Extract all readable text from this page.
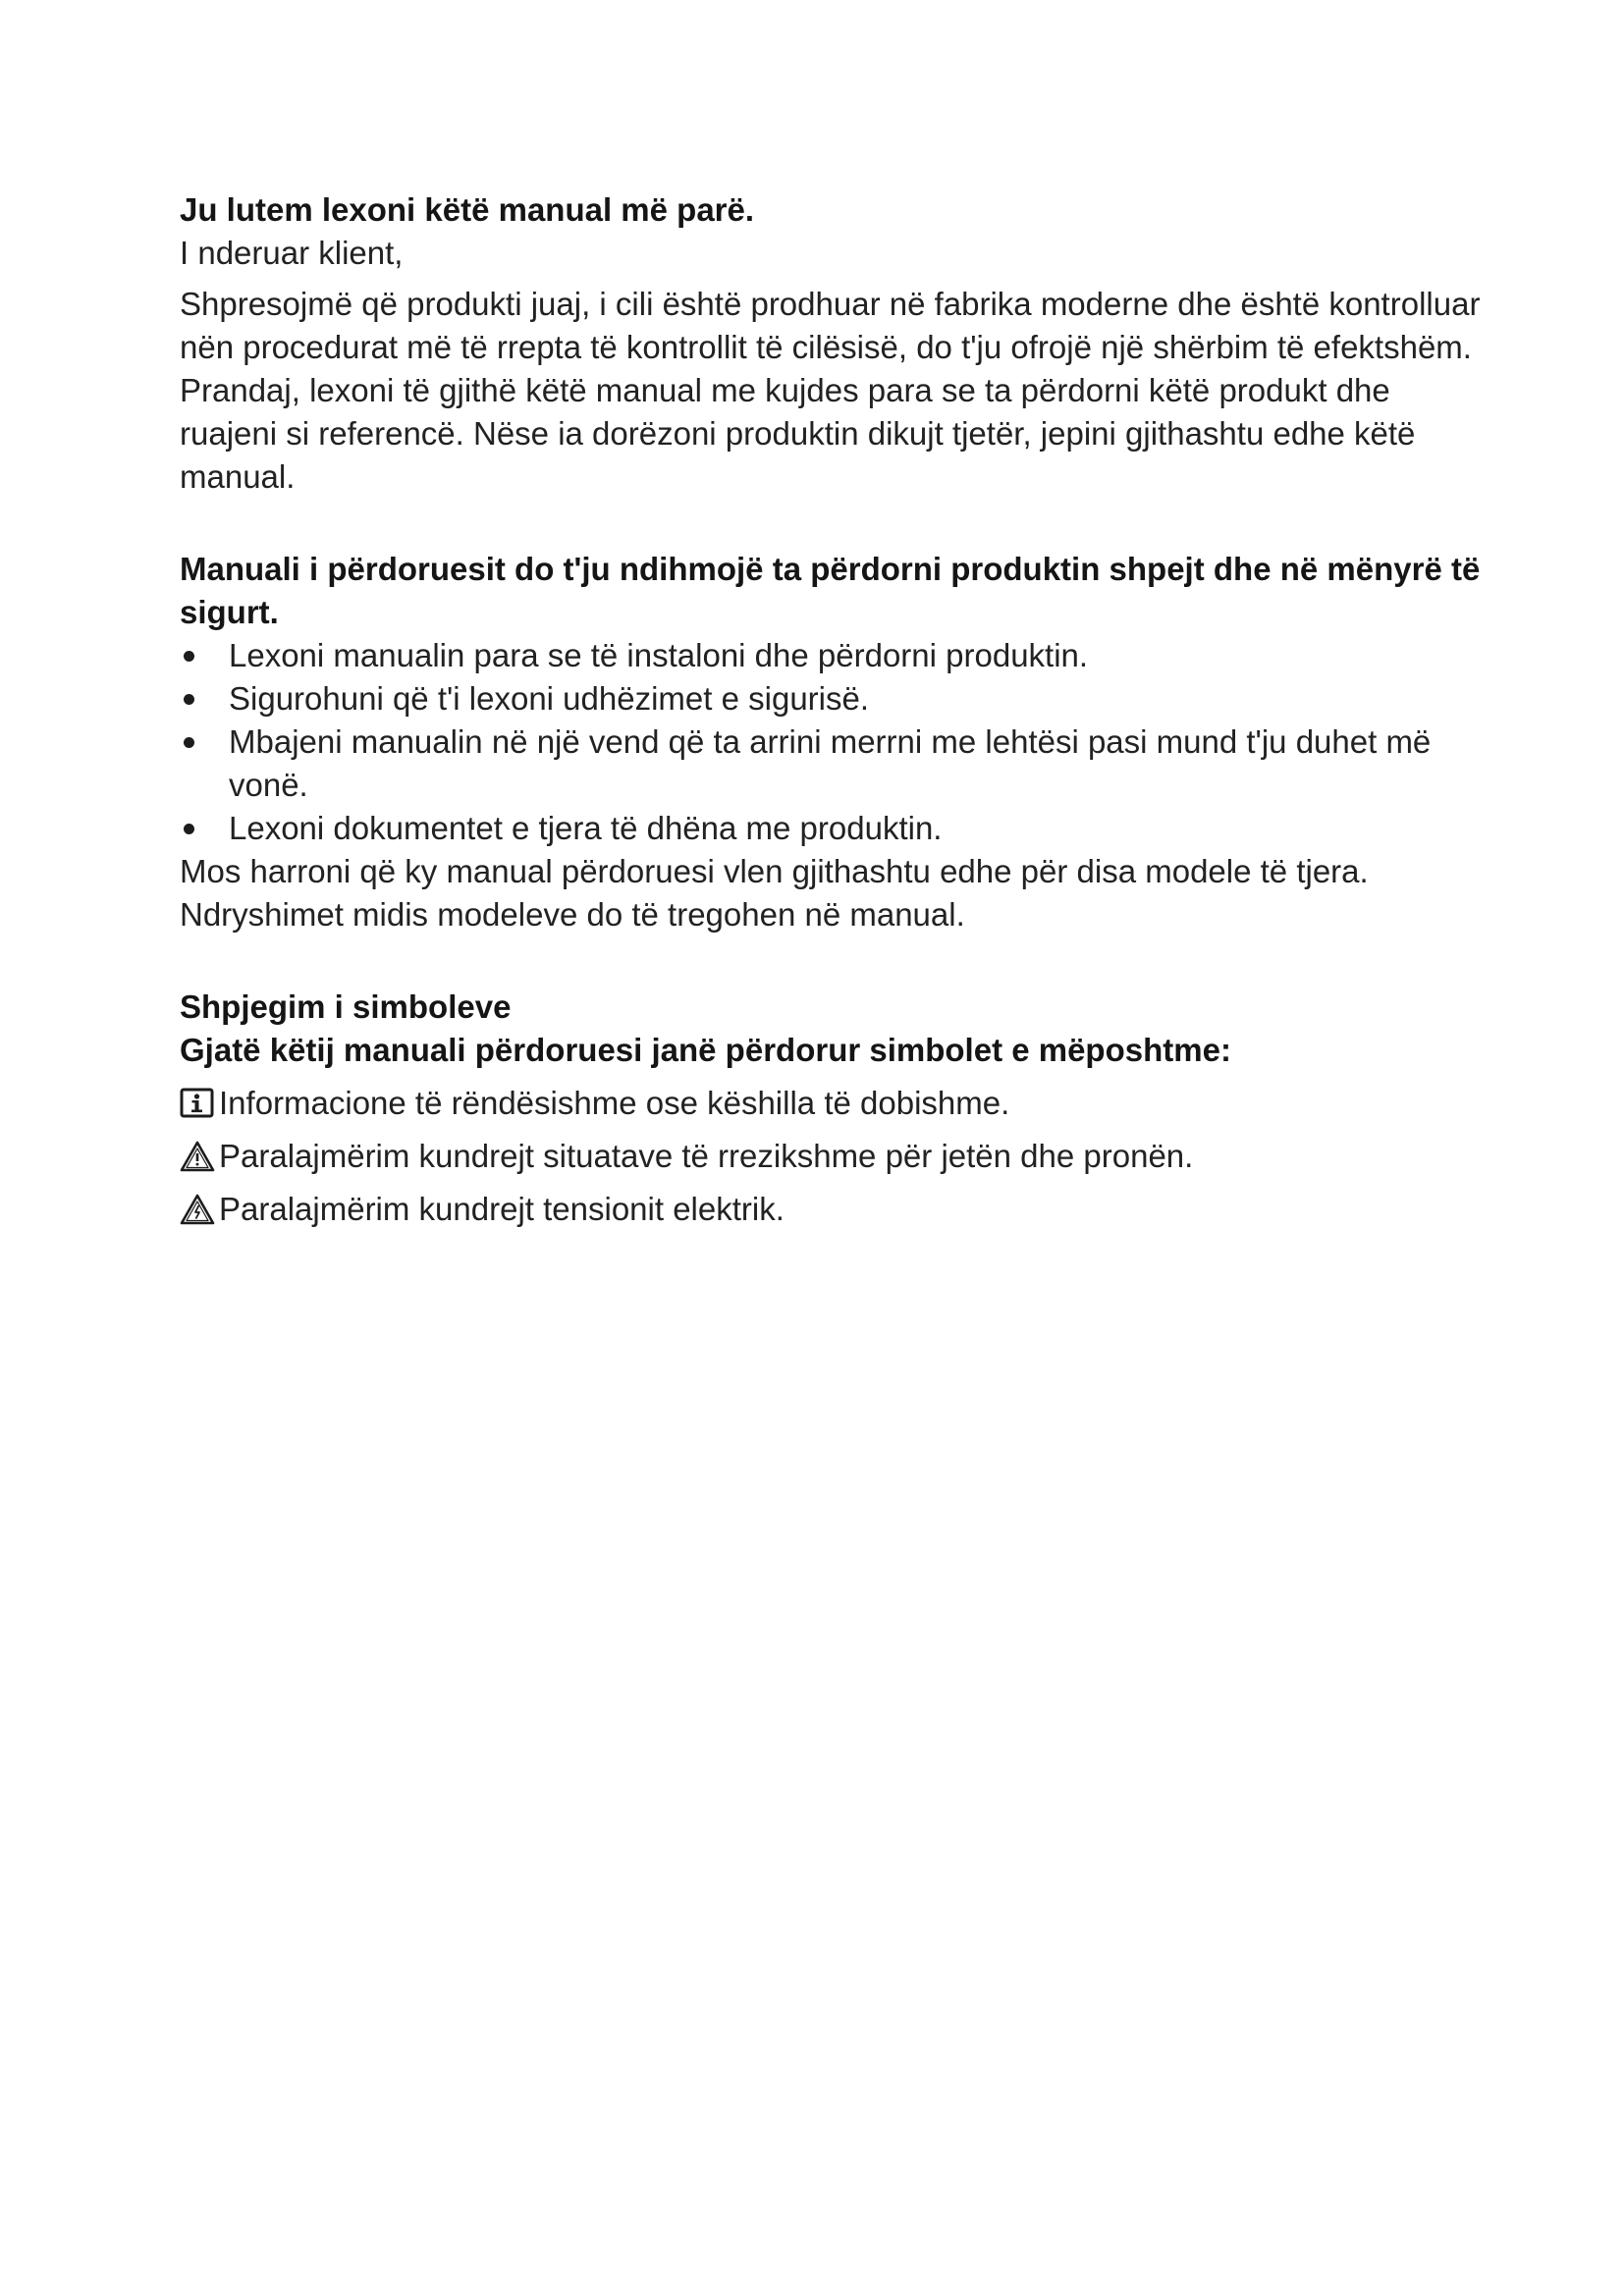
Ju lutem lexoni këtë manual më parë.

I nderuar klient,

Shpresojmë që produkti juaj, i cili është prodhuar në fabrika moderne dhe është kontrolluar nën procedurat më të rrepta të kontrollit të cilësisë, do t'ju ofrojë një shërbim të efektshëm.

Prandaj, lexoni të gjithë këtë manual me kujdes para se ta përdorni këtë produkt dhe ruajeni si referencë. Nëse ia dorëzoni produktin dikujt tjetër, jepini gjithashtu edhe këtë manual.

Manuali i përdoruesit do t'ju ndihmojë ta përdorni produktin shpejt dhe në mënyrë të sigurt.

Lexoni manualin para se të instaloni dhe përdorni produktin.
Sigurohuni që t'i lexoni udhëzimet e sigurisë.
Mbajeni manualin në një vend që ta arrini merrni me lehtësi pasi mund t'ju duhet më vonë.
Lexoni dokumentet e tjera të dhëna me produktin.

Mos harroni që ky manual përdoruesi vlen gjithashtu edhe për disa modele të tjera. Ndryshimet midis modeleve do të tregohen në manual.

Shpjegim i simboleve

Gjatë këtij manuali përdoruesi janë përdorur simbolet e mëposhtme:

Informacione të rëndësishme ose këshilla të dobishme.
Paralajmërim kundrejt situatave të rrezikshme për jetën dhe pronën.
Paralajmërim kundrejt tensionit elektrik.
